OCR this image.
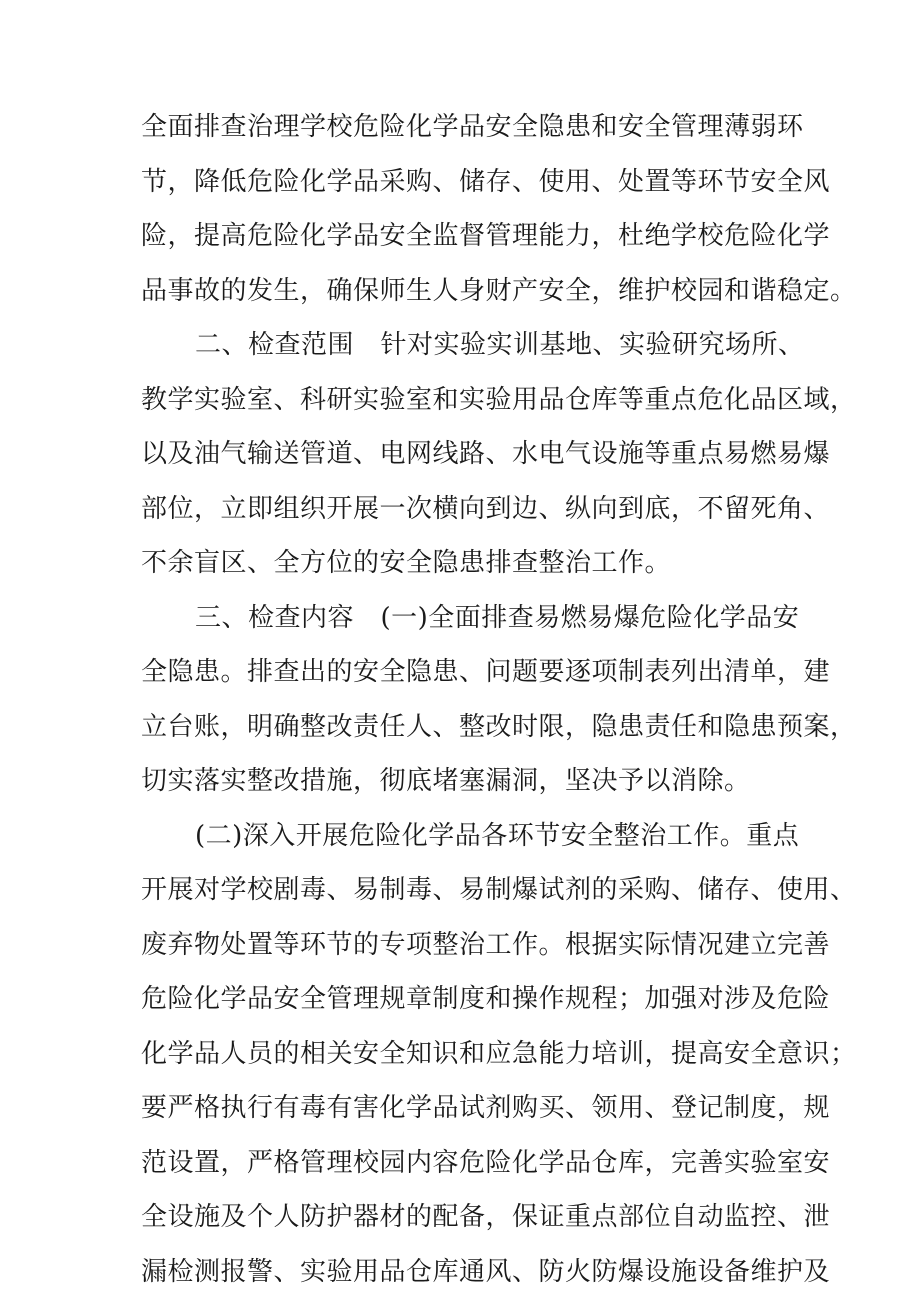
全面排查治理学校危险化学品安全隐患和安全管理薄弱环
节，降低危险化学品采购、储存、使用、处置等环节安全风
险，提高危险化学品安全监督管理能力，杜绝学校危险化学
品事故的发生，确保师生人身财产安全，维护校园和谐稳定。
二、检查范围　针对实验实训基地、实验研究场所、
教学实验室、科研实验室和实验用品仓库等重点危化品区域，
以及油气输送管道、电网线路、水电气设施等重点易燃易爆
部位，立即组织开展一次横向到边、纵向到底，不留死角、
不余盲区、全方位的安全隐患排查整治工作。
三、检查内容　(一)全面排查易燃易爆危险化学品安
全隐患。排查出的安全隐患、问题要逐项制表列出清单，建
立台账，明确整改责任人、整改时限，隐患责任和隐患预案，
切实落实整改措施，彻底堵塞漏洞，坚决予以消除。
(二)深入开展危险化学品各环节安全整治工作。重点
开展对学校剧毒、易制毒、易制爆试剂的采购、储存、使用、
废弃物处置等环节的专项整治工作。根据实际情况建立完善
危险化学品安全管理规章制度和操作规程；加强对涉及危险
化学品人员的相关安全知识和应急能力培训，提高安全意识；
要严格执行有毒有害化学品试剂购买、领用、登记制度，规
范设置，严格管理校园内容危险化学品仓库，完善实验室安
全设施及个人防护器材的配备，保证重点部位自动监控、泄
漏检测报警、实验用品仓库通风、防火防爆设施设备维护及
